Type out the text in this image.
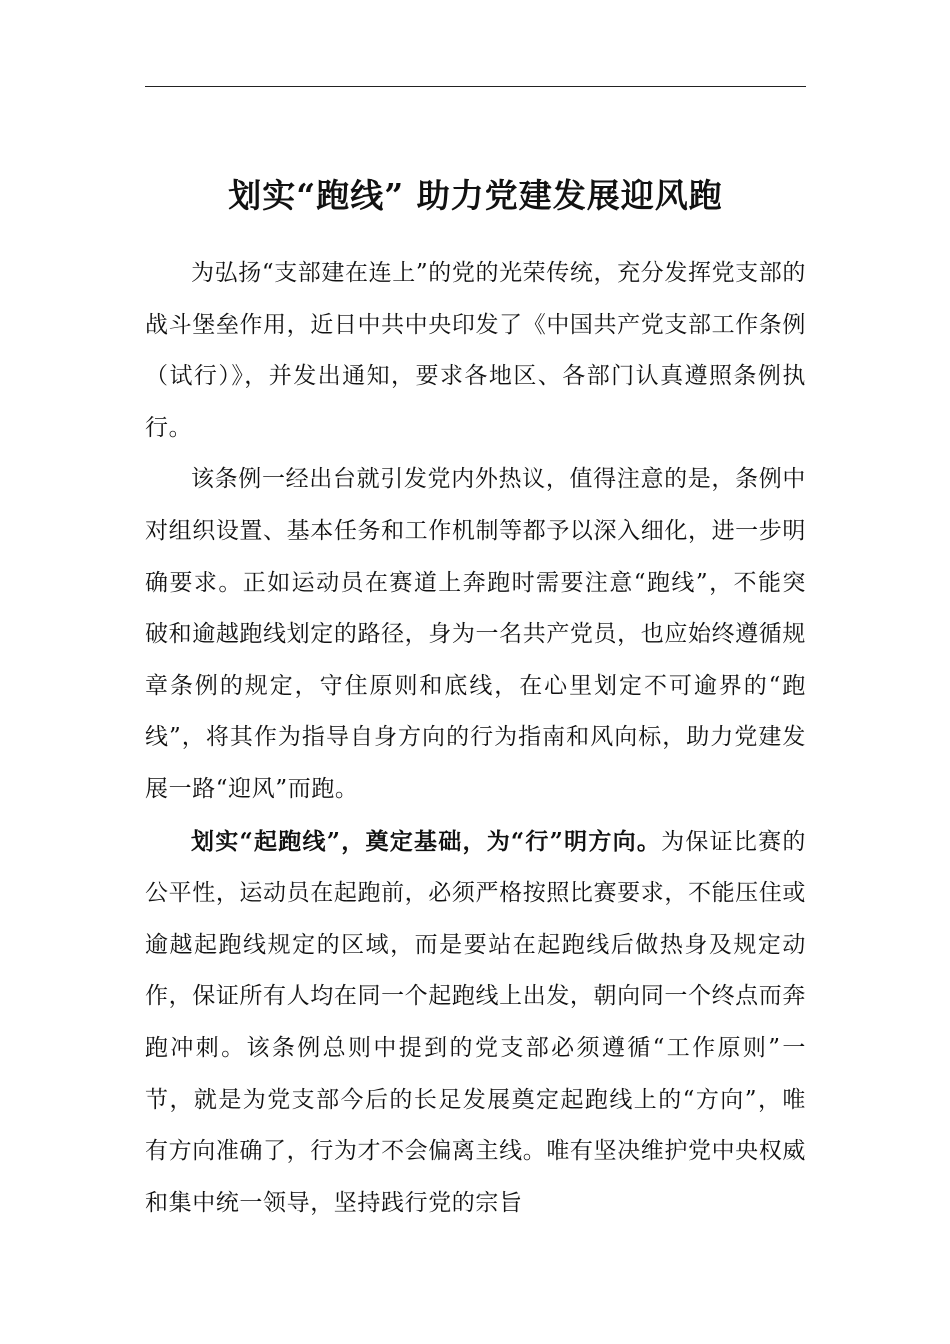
划实“跑线” 助力党建发展迎风跑

为弘扬“支部建在连上”的党的光荣传统，充分发挥党支部的战斗堡垒作用，近日中共中央印发了《中国共产党支部工作条例（试行）》，并发出通知，要求各地区、各部门认真遵照条例执行。

该条例一经出台就引发党内外热议，值得注意的是，条例中对组织设置、基本任务和工作机制等都予以深入细化，进一步明确要求。正如运动员在赛道上奔跑时需要注意“跑线”，不能突破和逾越跑线划定的路径，身为一名共产党员，也应始终遵循规章条例的规定，守住原则和底线，在心里划定不可逾界的“跑线”，将其作为指导自身方向的行为指南和风向标，助力党建发展一路“迎风”而跑。

划实“起跑线”，奠定基础，为“行”明方向。为保证比赛的公平性，运动员在起跑前，必须严格按照比赛要求，不能压住或逾越起跑线规定的区域，而是要站在起跑线后做热身及规定动作，保证所有人均在同一个起跑线上出发，朝向同一个终点而奔跑冲刺。该条例总则中提到的党支部必须遵循“工作原则”一节，就是为党支部今后的长足发展奠定起跑线上的“方向”，唯有方向准确了，行为才不会偏离主线。唯有坚决维护党中央权威和集中统一领导，坚持践行党的宗旨
